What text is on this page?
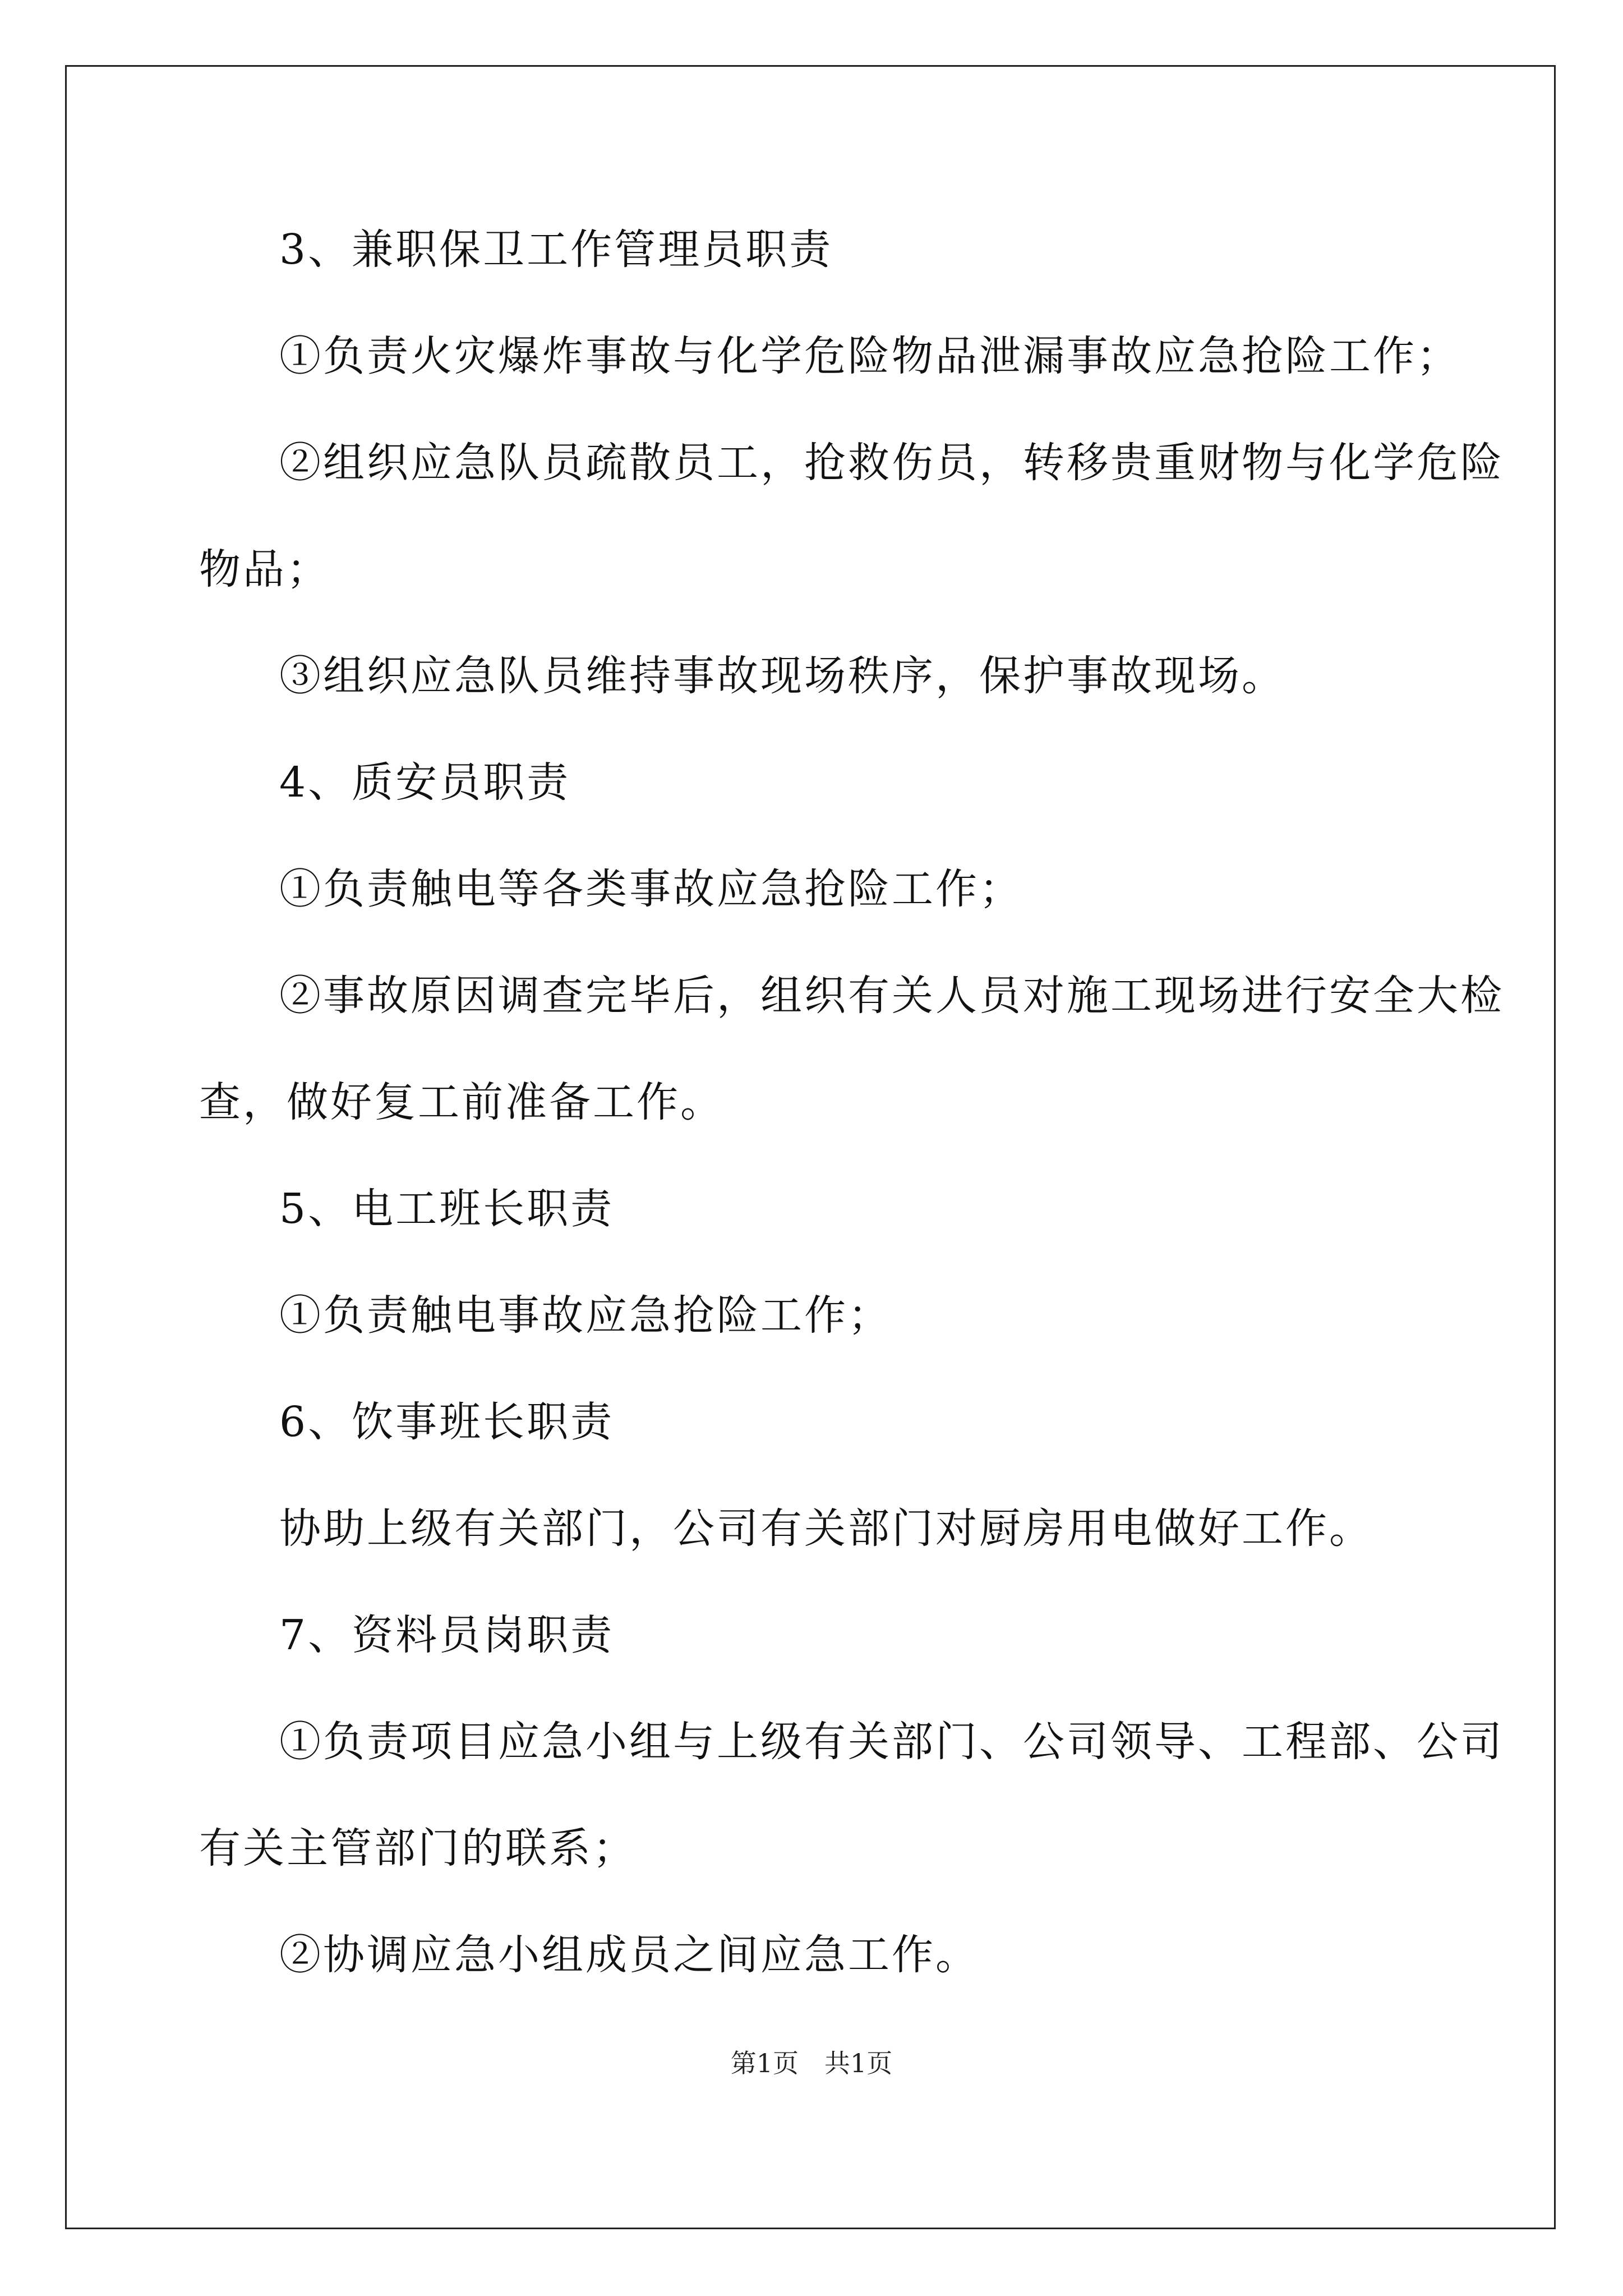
3、兼职保卫工作管理员职责
①负责火灾爆炸事故与化学危险物品泄漏事故应急抢险工作；
②组织应急队员疏散员工，抢救伤员，转移贵重财物与化学危险
物品；
③组织应急队员维持事故现场秩序，保护事故现场。
4、质安员职责
①负责触电等各类事故应急抢险工作；
②事故原因调查完毕后，组织有关人员对施工现场进行安全大检
查，做好复工前准备工作。
5、电工班长职责
①负责触电事故应急抢险工作；
6、饮事班长职责
协助上级有关部门，公司有关部门对厨房用电做好工作。
7、资料员岗职责
①负责项目应急小组与上级有关部门、公司领导、工程部、公司
有关主管部门的联系；
②协调应急小组成员之间应急工作。
第1页　共1页
